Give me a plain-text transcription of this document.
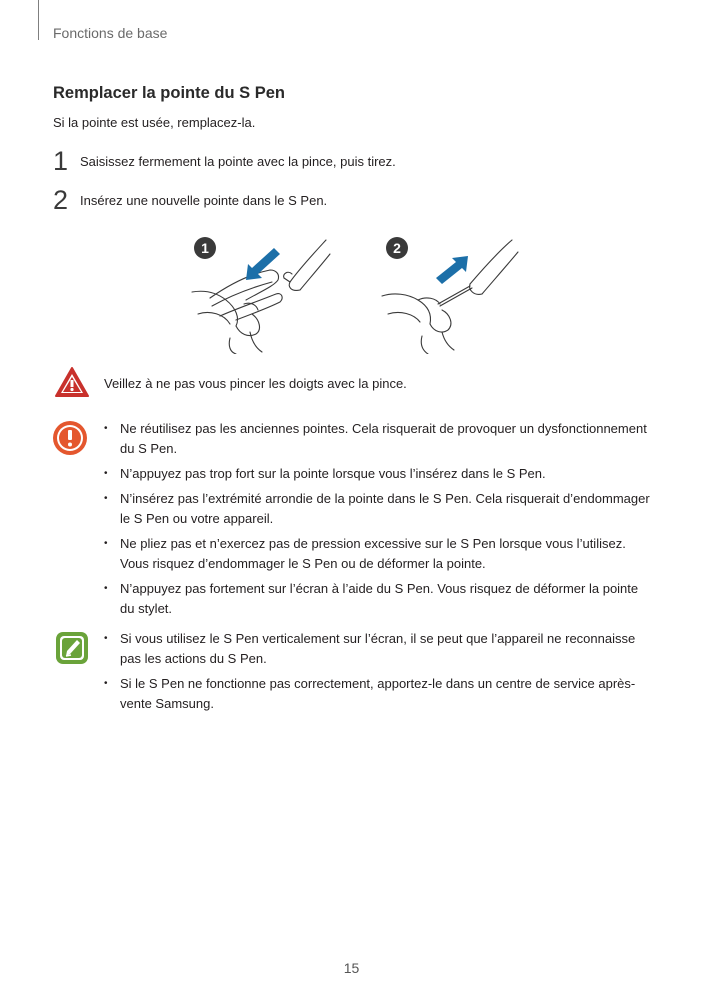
Fonctions de base
Remplacer la pointe du S Pen
Si la pointe est usée, remplacez-la.
1 Saisissez fermement la pointe avec la pince, puis tirez.
2 Insérez une nouvelle pointe dans le S Pen.
1	2
Veillez à ne pas vous pincer les doigts avec la pince.
• Ne réutilisez pas les anciennes pointes. Cela risquerait de provoquer un dysfonctionnement du S Pen.
• N’appuyez pas trop fort sur la pointe lorsque vous l’insérez dans le S Pen.
• N’insérez pas l’extrémité arrondie de la pointe dans le S Pen. Cela risquerait d’endommager le S Pen ou votre appareil.
• Ne pliez pas et n’exercez pas de pression excessive sur le S Pen lorsque vous l’utilisez. Vous risquez d’endommager le S Pen ou de déformer la pointe.
• N’appuyez pas fortement sur l’écran à l’aide du S Pen. Vous risquez de déformer la pointe du stylet.
• Si vous utilisez le S Pen verticalement sur l’écran, il se peut que l’appareil ne reconnaisse pas les actions du S Pen.
• Si le S Pen ne fonctionne pas correctement, apportez-le dans un centre de service après-vente Samsung.
15
